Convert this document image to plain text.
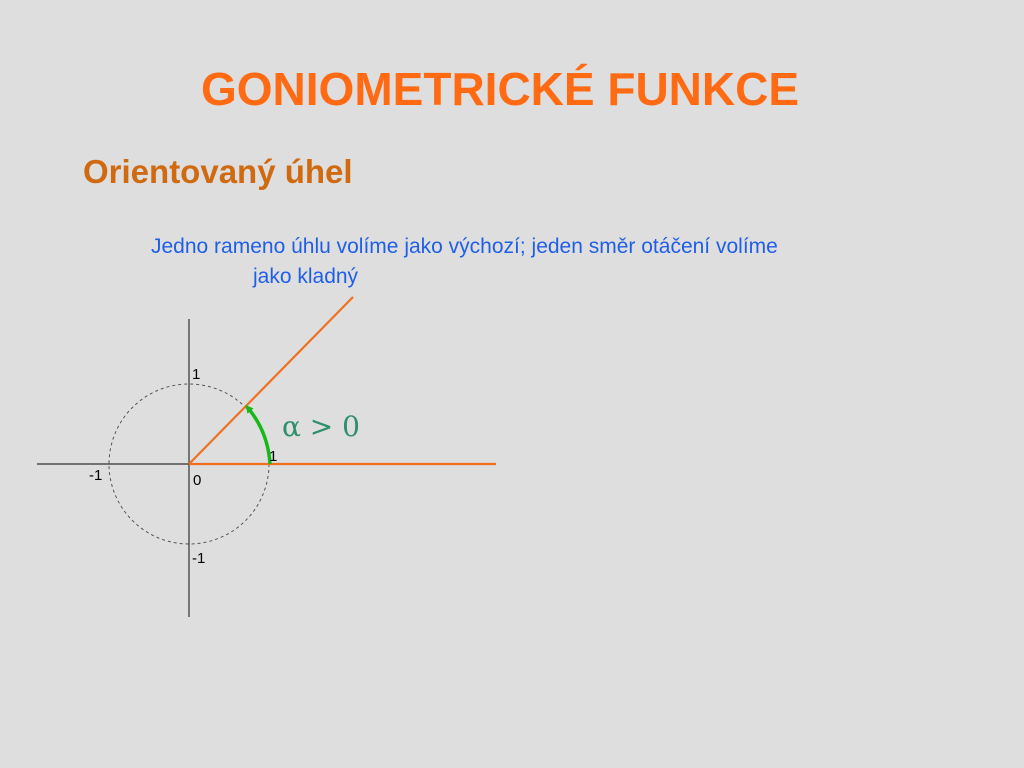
GONIOMETRICKÉ FUNKCE
Orientovaný úhel
Jedno rameno úhlu volíme jako výchozí; jeden směr otáčení volíme
jako kladný
1
-1
1
-1	0
α > 0
